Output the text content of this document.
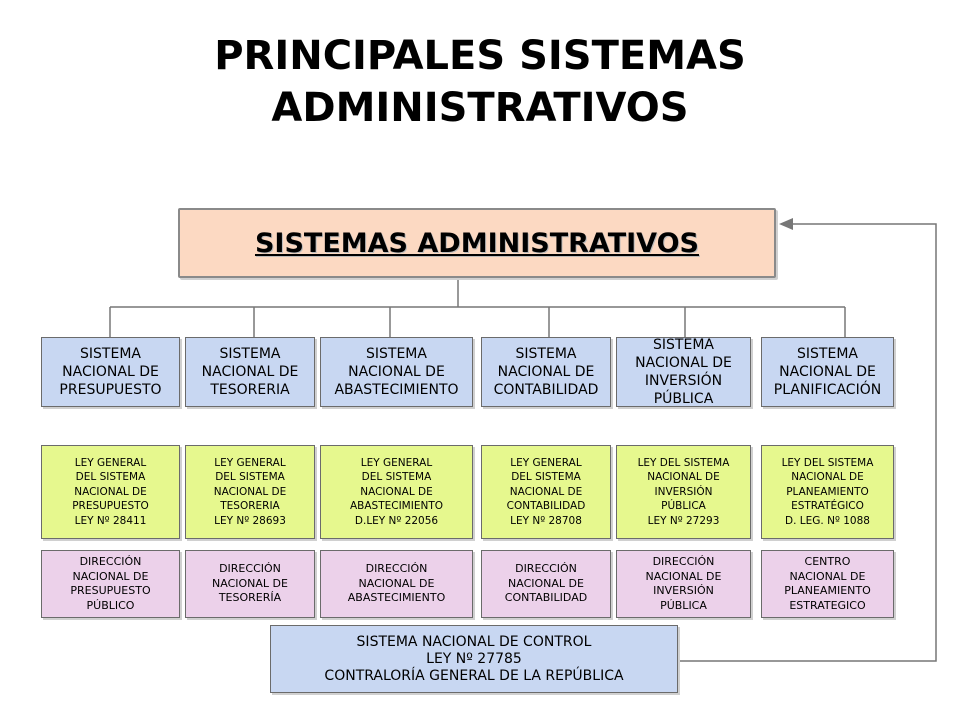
PRINCIPALES SISTEMAS
ADMINISTRATIVOS
SISTEMAS ADMINISTRATIVOS
SISTEMA
NACIONAL DE
PRESUPUESTO
LEY GENERAL
DEL SISTEMA
NACIONAL DE
PRESUPUESTO
LEY Nº 28411
DIRECCIÓN
NACIONAL DE
PRESUPUESTO
PÚBLICO
SISTEMA
NACIONAL DE
TESORERIA
LEY GENERAL
DEL SISTEMA
NACIONAL DE
TESORERIA
LEY Nº 28693
DIRECCIÓN
NACIONAL DE
TESORERÍA
SISTEMA
NACIONAL DE
ABASTECIMIENTO
LEY GENERAL
DEL SISTEMA
NACIONAL DE
ABASTECIMIENTO
D.LEY Nº 22056
DIRECCIÓN
NACIONAL DE
ABASTECIMIENTO
SISTEMA
NACIONAL DE
CONTABILIDAD
LEY GENERAL
DEL SISTEMA
NACIONAL DE
CONTABILIDAD
LEY Nº 28708
DIRECCIÓN
NACIONAL DE
CONTABILIDAD
SISTEMA
NACIONAL DE
INVERSIÓN
PÚBLICA
LEY DEL SISTEMA
NACIONAL DE
INVERSIÓN
PÚBLICA
LEY Nº 27293
DIRECCIÓN
NACIONAL DE
INVERSIÓN
PÚBLICA
SISTEMA
NACIONAL DE
PLANIFICACIÓN
LEY DEL SISTEMA
NACIONAL DE
PLANEAMIENTO
ESTRATÉGICO
D. LEG. Nº 1088
CENTRO
NACIONAL DE
PLANEAMIENTO
ESTRATEGICO
SISTEMA NACIONAL DE CONTROL
LEY Nº 27785
CONTRALORÍA GENERAL DE LA REPÚBLICA
